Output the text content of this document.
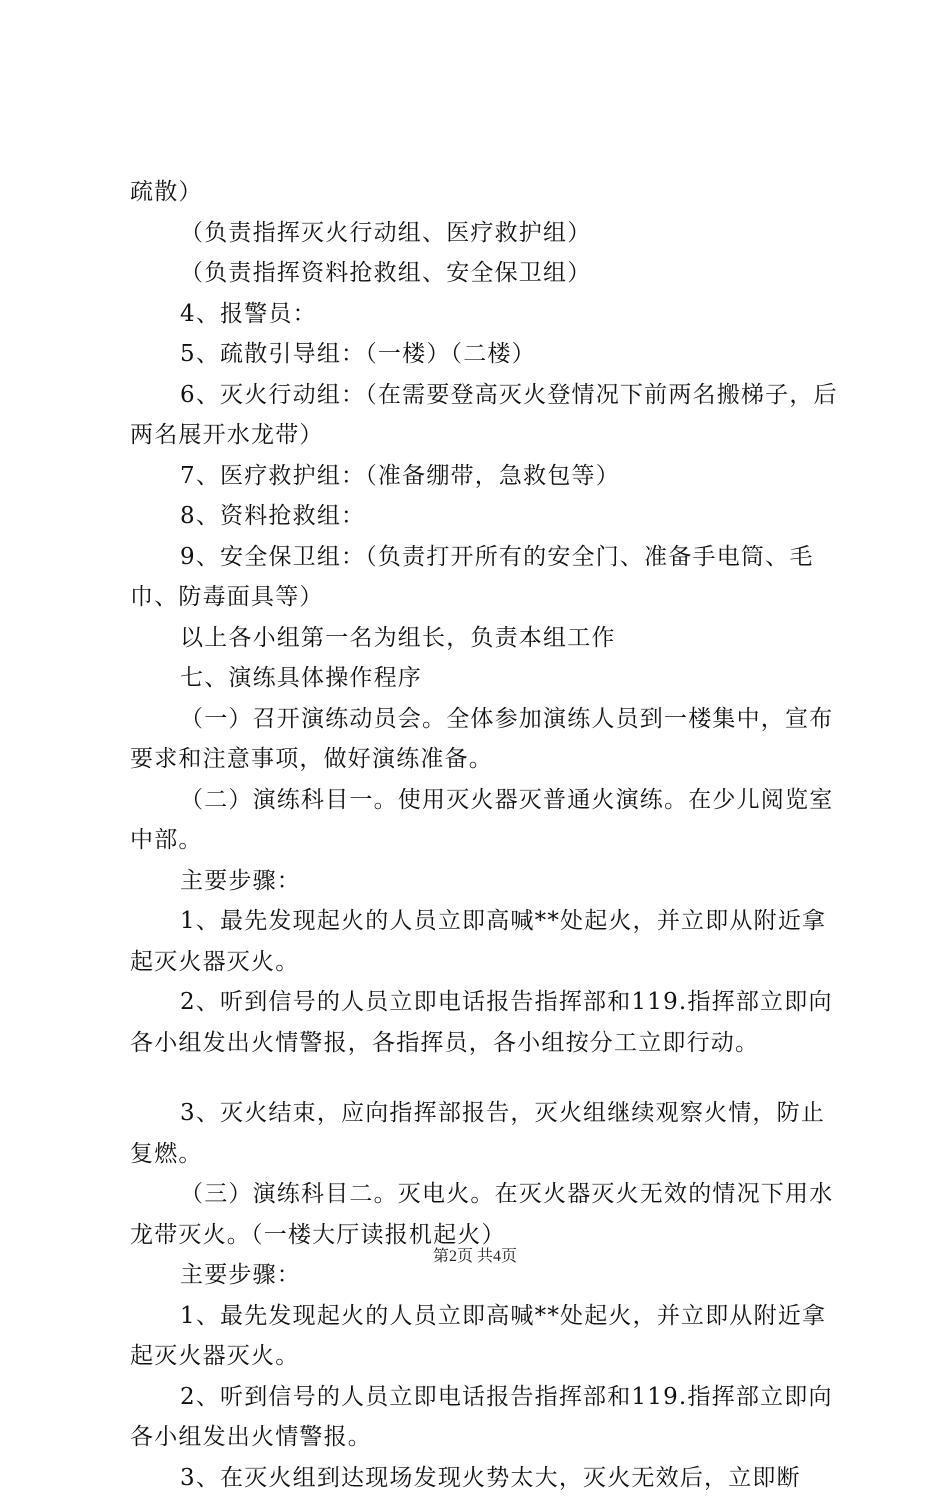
疏散）

（负责指挥灭火行动组、医疗救护组）

（负责指挥资料抢救组、安全保卫组）

4、报警员：

5、疏散引导组：（一楼）（二楼）

6、灭火行动组：（在需要登高灭火登情况下前两名搬梯子，后两名展开水龙带）

7、医疗救护组：（准备绷带，急救包等）

8、资料抢救组：

9、安全保卫组：（负责打开所有的安全门、准备手电筒、毛巾、防毒面具等）

以上各小组第一名为组长，负责本组工作

七、演练具体操作程序

（一）召开演练动员会。全体参加演练人员到一楼集中，宣布要求和注意事项，做好演练准备。

（二）演练科目一。使用灭火器灭普通火演练。在少儿阅览室中部。

主要步骤：

1、最先发现起火的人员立即高喊**处起火，并立即从附近拿起灭火器灭火。

2、听到信号的人员立即电话报告指挥部和119.指挥部立即向各小组发出火情警报，各指挥员，各小组按分工立即行动。

3、灭火结束，应向指挥部报告，灭火组继续观察火情，防止复燃。

（三）演练科目二。灭电火。在灭火器灭火无效的情况下用水龙带灭火。（一楼大厅读报机起火）

主要步骤：

1、最先发现起火的人员立即高喊**处起火，并立即从附近拿起灭火器灭火。

2、听到信号的人员立即电话报告指挥部和119.指挥部立即向各小组发出火情警报。

3、在灭火组到达现场发现火势太大，灭火无效后，立即断

第2页 共4页
